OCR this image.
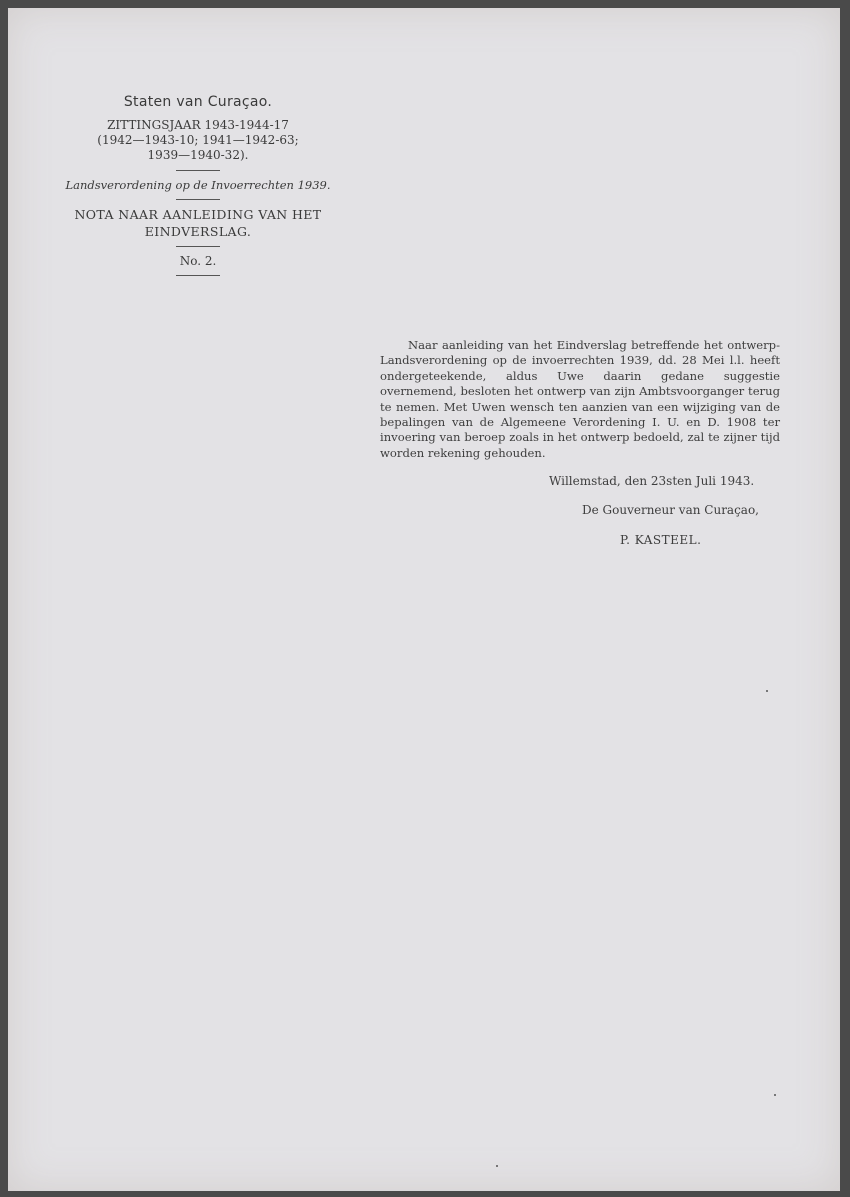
Staten van Curaçao.
ZITTINGSJAAR 1943-1944-17
(1942—1943-10; 1941—1942-63;
1939—1940-32).
Landsverordening op de Invoerrechten 1939.
NOTA NAAR AANLEIDING VAN HET
EINDVERSLAG.
No. 2.

Naar aanleiding van het Eindverslag betreffende het ontwerp-Landsverordening op de invoerrechten 1939, dd. 28 Mei l.l. heeft ondergeteekende, aldus Uwe daarin gedane suggestie overnemend, besloten het ontwerp van zijn Ambtsvoorganger terug te nemen. Met Uwen wensch ten aanzien van een wijziging van de bepalingen van de Algemeene Verordening I. U. en D. 1908 ter invoering van beroep zoals in het ontwerp bedoeld, zal te zijner tijd worden rekening gehouden.

Willemstad, den 23sten Juli 1943.
De Gouverneur van Curaçao,
P. KASTEEL.
